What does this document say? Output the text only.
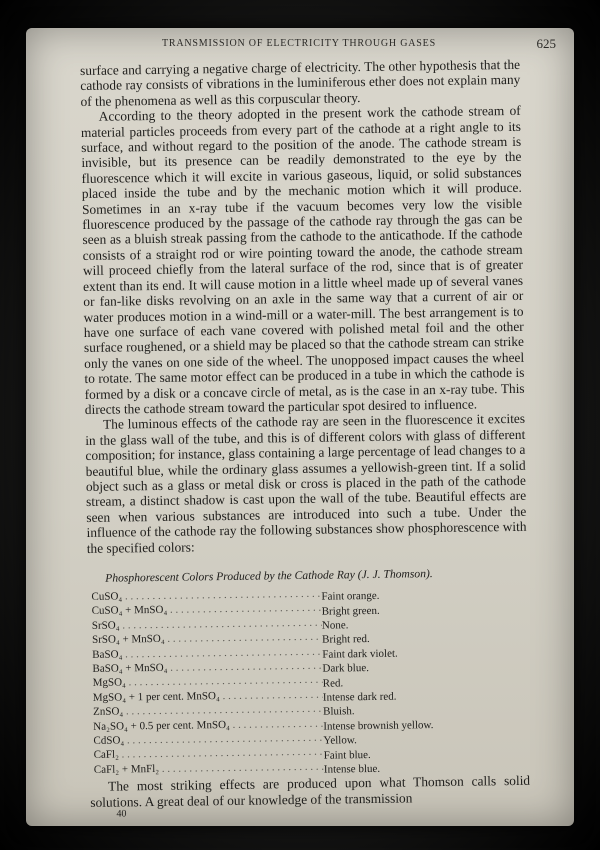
TRANSMISSION OF ELECTRICITY THROUGH GASES	625

surface and carrying a negative charge of electricity. The other hypothesis that the cathode ray consists of vibrations in the luminiferous ether does not explain many of the phenomena as well as this corpuscular theory.

According to the theory adopted in the present work the cathode stream of material particles proceeds from every part of the cathode at a right angle to its surface, and without regard to the position of the anode. The cathode stream is invisible, but its presence can be readily demonstrated to the eye by the fluorescence which it will excite in various gaseous, liquid, or solid substances placed inside the tube and by the mechanic motion which it will produce. Sometimes in an x-ray tube if the vacuum becomes very low the visible fluorescence produced by the passage of the cathode ray through the gas can be seen as a bluish streak passing from the cathode to the anticathode. If the cathode consists of a straight rod or wire pointing toward the anode, the cathode stream will proceed chiefly from the lateral surface of the rod, since that is of greater extent than its end. It will cause motion in a little wheel made up of several vanes or fan-like disks revolving on an axle in the same way that a current of air or water produces motion in a wind-mill or a water-mill. The best arrangement is to have one surface of each vane covered with polished metal foil and the other surface roughened, or a shield may be placed so that the cathode stream can strike only the vanes on one side of the wheel. The unopposed impact causes the wheel to rotate. The same motor effect can be produced in a tube in which the cathode is formed by a disk or a concave circle of metal, as is the case in an x-ray tube. This directs the cathode stream toward the particular spot desired to influence.

The luminous effects of the cathode ray are seen in the fluorescence it excites in the glass wall of the tube, and this is of different colors with glass of different composition; for instance, glass containing a large percentage of lead changes to a beautiful blue, while the ordinary glass assumes a yellowish-green tint. If a solid object such as a glass or metal disk or cross is placed in the path of the cathode stream, a distinct shadow is cast upon the wall of the tube. Beautiful effects are seen when various substances are introduced into such a tube. Under the influence of the cathode ray the following substances show phosphorescence with the specified colors:

Phosphorescent Colors Produced by the Cathode Ray (J. J. Thomson).
CuSO₄ . . .	Faint orange.
CuSO₄ + MnSO₄ . . .	Bright green.
SrSO₄ . . .	None.
SrSO₄ + MnSO₄ . . .	Bright red.
BaSO₄ . . .	Faint dark violet.
BaSO₄ + MnSO₄ . . .	Dark blue.
MgSO₄ . . .	Red.
MgSO₄ + 1 per cent. MnSO₄ . . .	Intense dark red.
ZnSO₄ . . .	Bluish.
Na₂SO₄ + 0.5 per cent. MnSO₄ . . .	Intense brownish yellow.
CdSO₄ . . .	Yellow.
CaFl₂ . . .	Faint blue.
CaFl₂ + MnFl₂ . . .	Intense blue.

The most striking effects are produced upon what Thomson calls solid solutions. A great deal of our knowledge of the transmission

40
